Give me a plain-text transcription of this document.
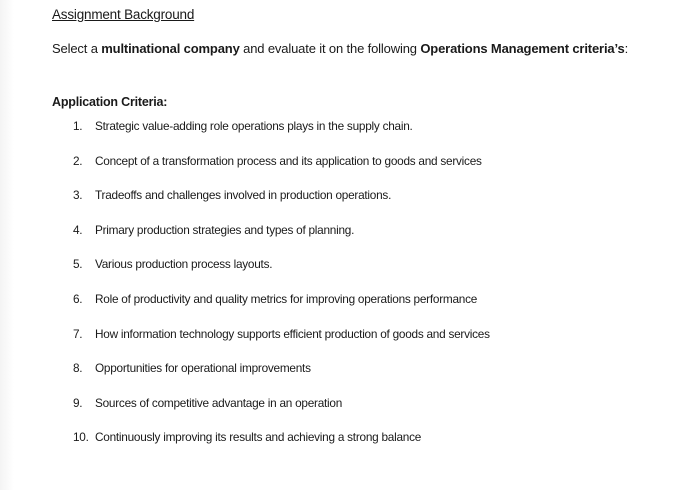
Assignment Background
Select a multinational company and evaluate it on the following Operations Management criteria’s:
Application Criteria:
1.	Strategic value-adding role operations plays in the supply chain.
2.	Concept of a transformation process and its application to goods and services
3.	Tradeoffs and challenges involved in production operations.
4.	Primary production strategies and types of planning.
5.	Various production process layouts.
6.	Role of productivity and quality metrics for improving operations performance
7.	How information technology supports efficient production of goods and services
8.	Opportunities for operational improvements
9.	Sources of competitive advantage in an operation
10. Continuously improving its results and achieving a strong balance
